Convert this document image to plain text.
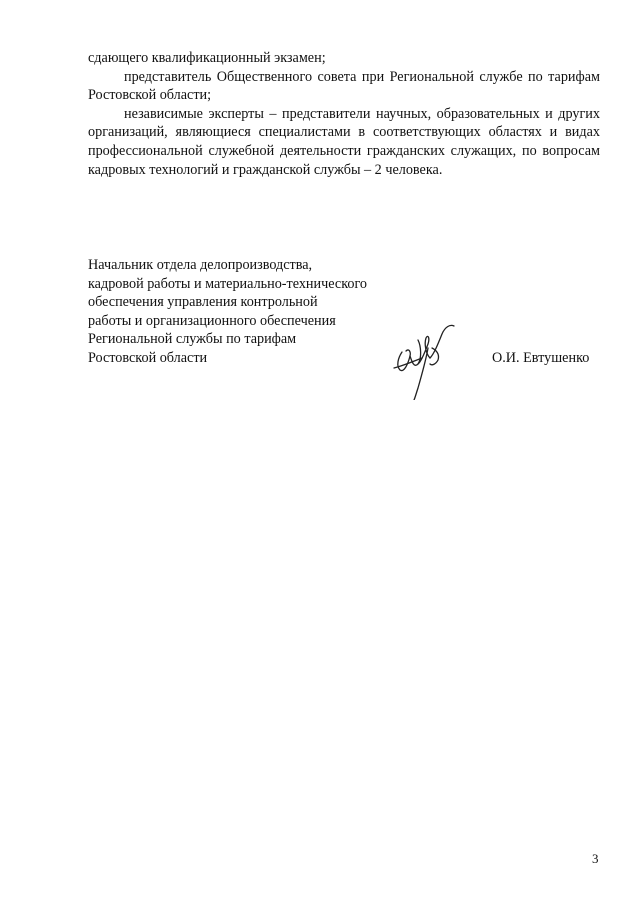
сдающего квалификационный экзамен;

представитель Общественного совета при Региональной службе по тарифам Ростовской области;

независимые эксперты – представители научных, образовательных и других организаций, являющиеся специалистами в соответствующих областях и видах профессиональной служебной деятельности гражданских служащих, по вопросам кадровых технологий и гражданской службы – 2 человека.

Начальник отдела делопроизводства,
кадровой работы и материально-технического
обеспечения управления контрольной
работы и организационного обеспечения
Региональной службы по тарифам
Ростовской области	О.И. Евтушенко
3
